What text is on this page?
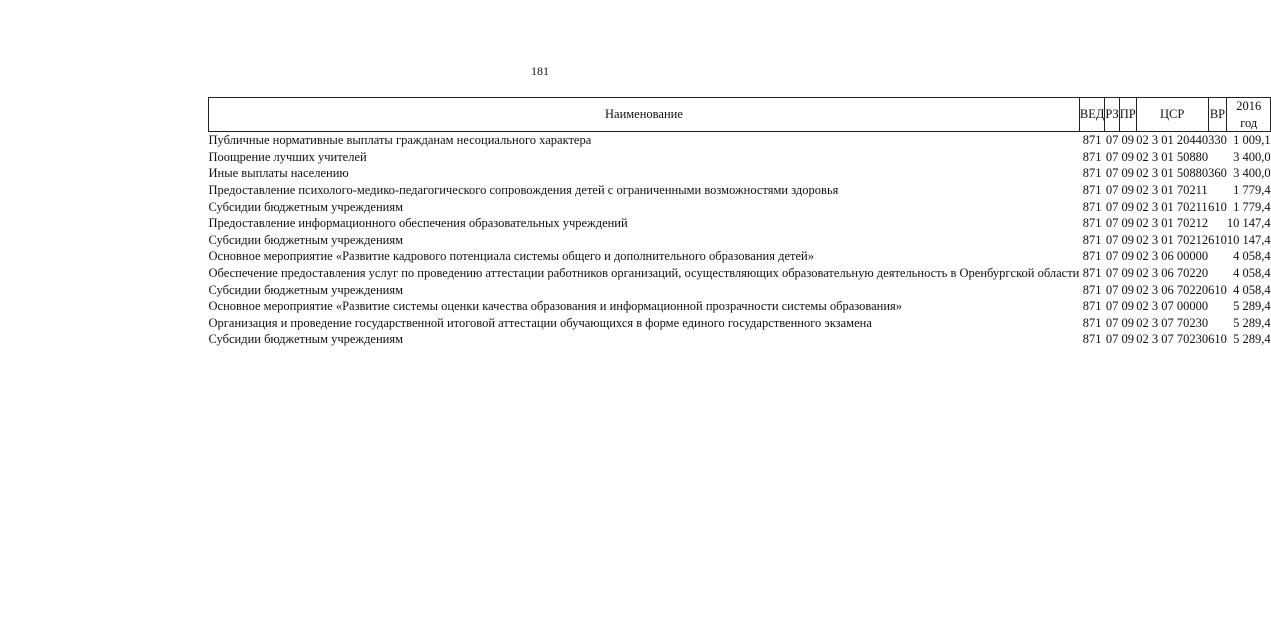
181
Наименование	ВЕД	РЗ	ПР	ЦСР	ВР	2016 год
Публичные нормативные выплаты гражданам несоциального характера	871	07	09	02 3 01 20440	330	1 009,1
Поощрение лучших учителей	871	07	09	02 3 01 50880		3 400,0
Иные выплаты населению	871	07	09	02 3 01 50880	360	3 400,0
Предоставление психолого-медико-педагогического сопровождения детей с ограниченными возможностями здоровья	871	07	09	02 3 01 70211		1 779,4
Субсидии бюджетным учреждениям	871	07	09	02 3 01 70211	610	1 779,4
Предоставление информационного обеспечения образовательных учреждений	871	07	09	02 3 01 70212		10 147,4
Субсидии бюджетным учреждениям	871	07	09	02 3 01 70212	610	10 147,4
Основное мероприятие «Развитие кадрового потенциала системы общего и дополнительного образования детей»	871	07	09	02 3 06 00000		4 058,4
Обеспечение предоставления услуг по проведению аттестации работников организаций, осуществляющих образовательную деятельность в Оренбургской области	871	07	09	02 3 06 70220		4 058,4
Субсидии бюджетным учреждениям	871	07	09	02 3 06 70220	610	4 058,4
Основное мероприятие «Развитие системы оценки качества образования и информационной прозрачности системы образования»	871	07	09	02 3 07 00000		5 289,4
Организация и проведение государственной итоговой аттестации обучающихся в форме единого государственного экзамена	871	07	09	02 3 07 70230		5 289,4
Субсидии бюджетным учреждениям	871	07	09	02 3 07 70230	610	5 289,4
